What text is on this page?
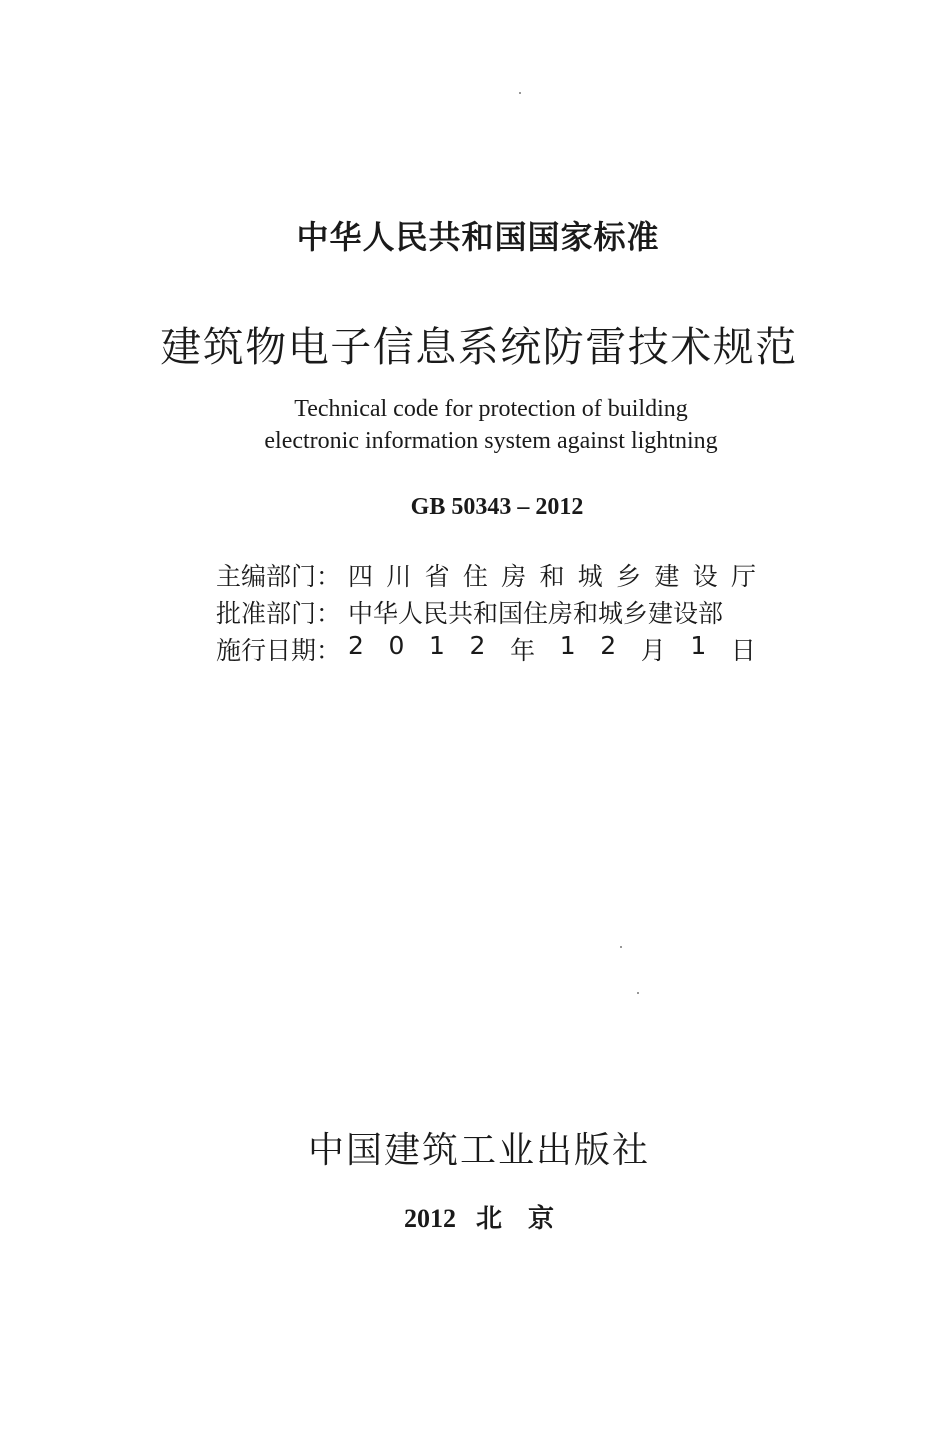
中华人民共和国国家标准
建筑物电子信息系统防雷技术规范
Technical code for protection of building
electronic information system against lightning
GB 50343 – 2012
主编部门： 四 川 省 住 房 和 城 乡 建 设 厅
批准部门： 中华人民共和国住房和城乡建设部
施行日期： 2 0 1 2 年 1 2 月 1 日
中国建筑工业出版社
2012 北　京
